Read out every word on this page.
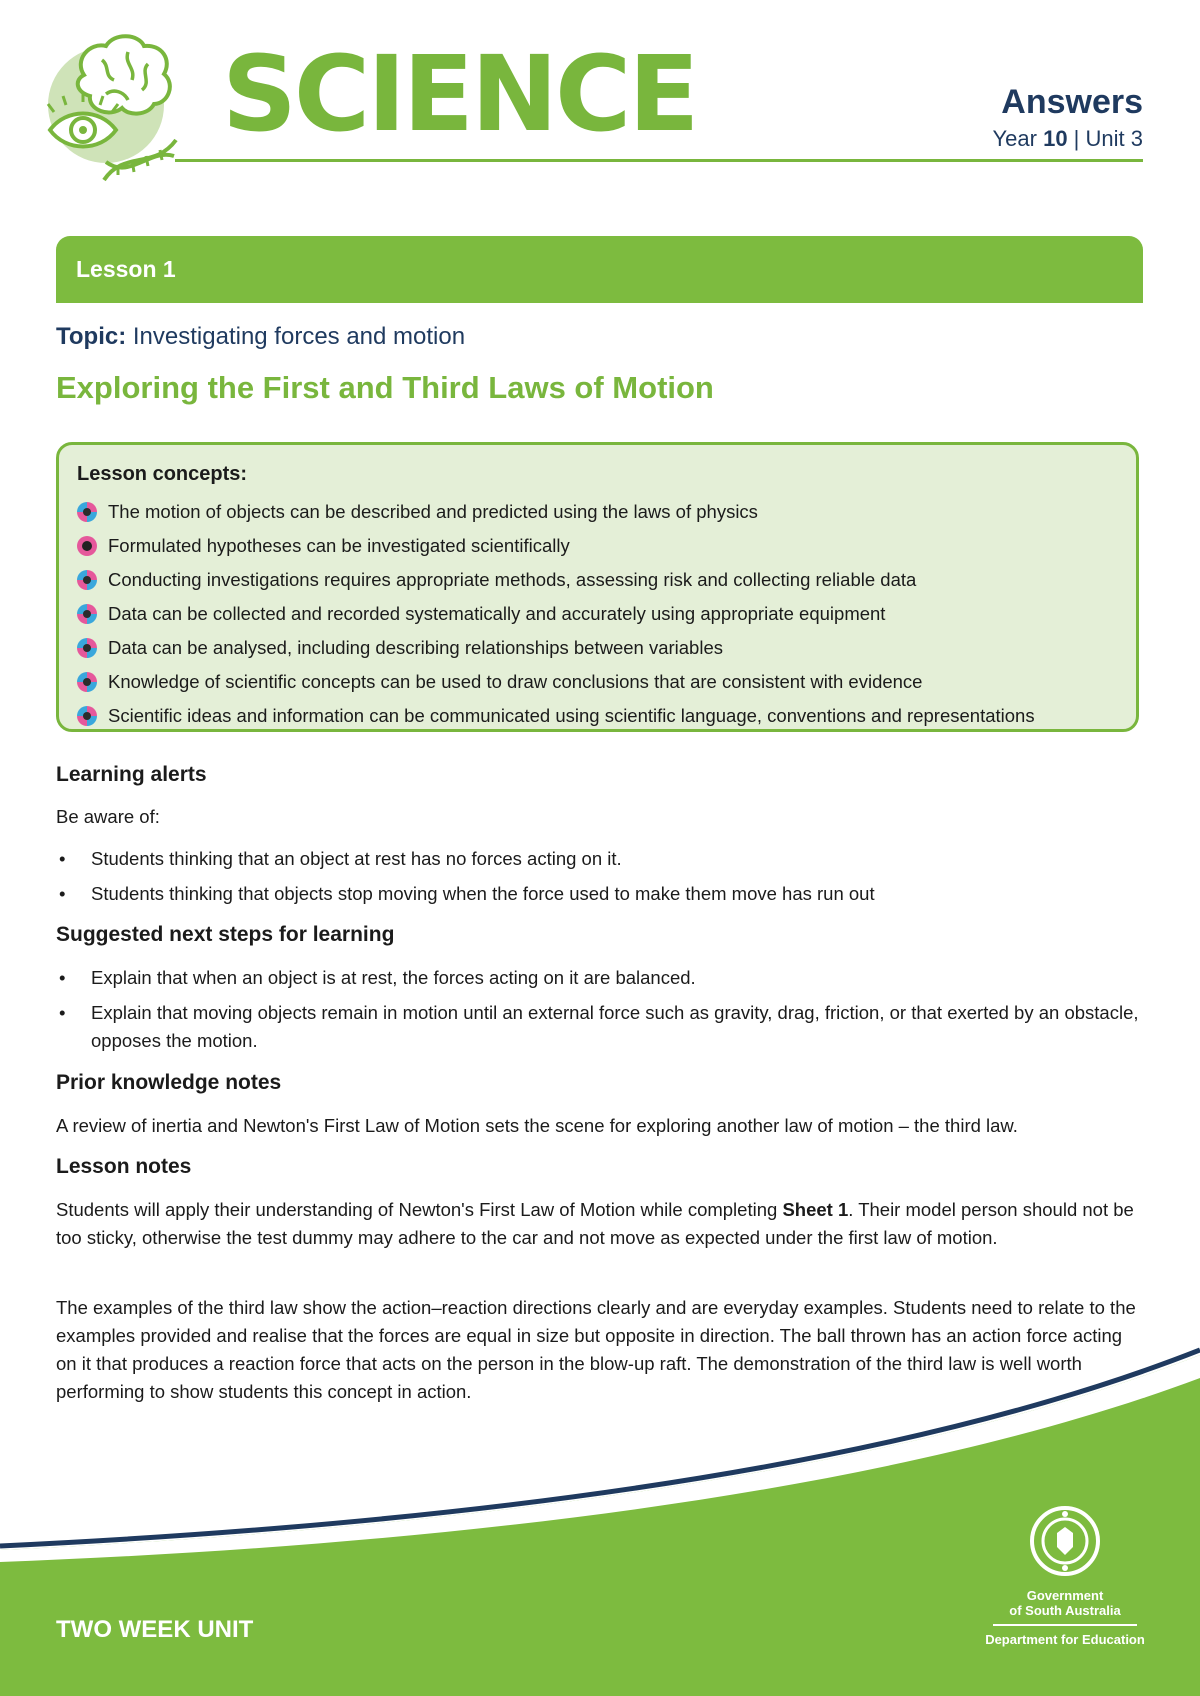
SCIENCE	Answers
Year 10 | Unit 3
Lesson 1
Topic: Investigating forces and motion
Exploring the First and Third Laws of Motion
Lesson concepts:
The motion of objects can be described and predicted using the laws of physics
Formulated hypotheses can be investigated scientifically
Conducting investigations requires appropriate methods, assessing risk and collecting reliable data
Data can be collected and recorded systematically and accurately using appropriate equipment
Data can be analysed, including describing relationships between variables
Knowledge of scientific concepts can be used to draw conclusions that are consistent with evidence
Scientific ideas and information can be communicated using scientific language, conventions and representations
Learning alerts
Be aware of:
• Students thinking that an object at rest has no forces acting on it.
• Students thinking that objects stop moving when the force used to make them move has run out
Suggested next steps for learning
• Explain that when an object is at rest, the forces acting on it are balanced.
• Explain that moving objects remain in motion until an external force such as gravity, drag, friction, or that exerted by an obstacle, opposes the motion.
Prior knowledge notes
A review of inertia and Newton's First Law of Motion sets the scene for exploring another law of motion – the third law.
Lesson notes
Students will apply their understanding of Newton's First Law of Motion while completing Sheet 1. Their model person should not be too sticky, otherwise the test dummy may adhere to the car and not move as expected under the first law of motion.
The examples of the third law show the action–reaction directions clearly and are everyday examples. Students need to relate to the examples provided and realise that the forces are equal in size but opposite in direction. The ball thrown has an action force acting on it that produces a reaction force that acts on the person in the blow-up raft. The demonstration of the third law is well worth performing to show students this concept in action.
TWO WEEK UNIT
Government
of South Australia
Department for Education
